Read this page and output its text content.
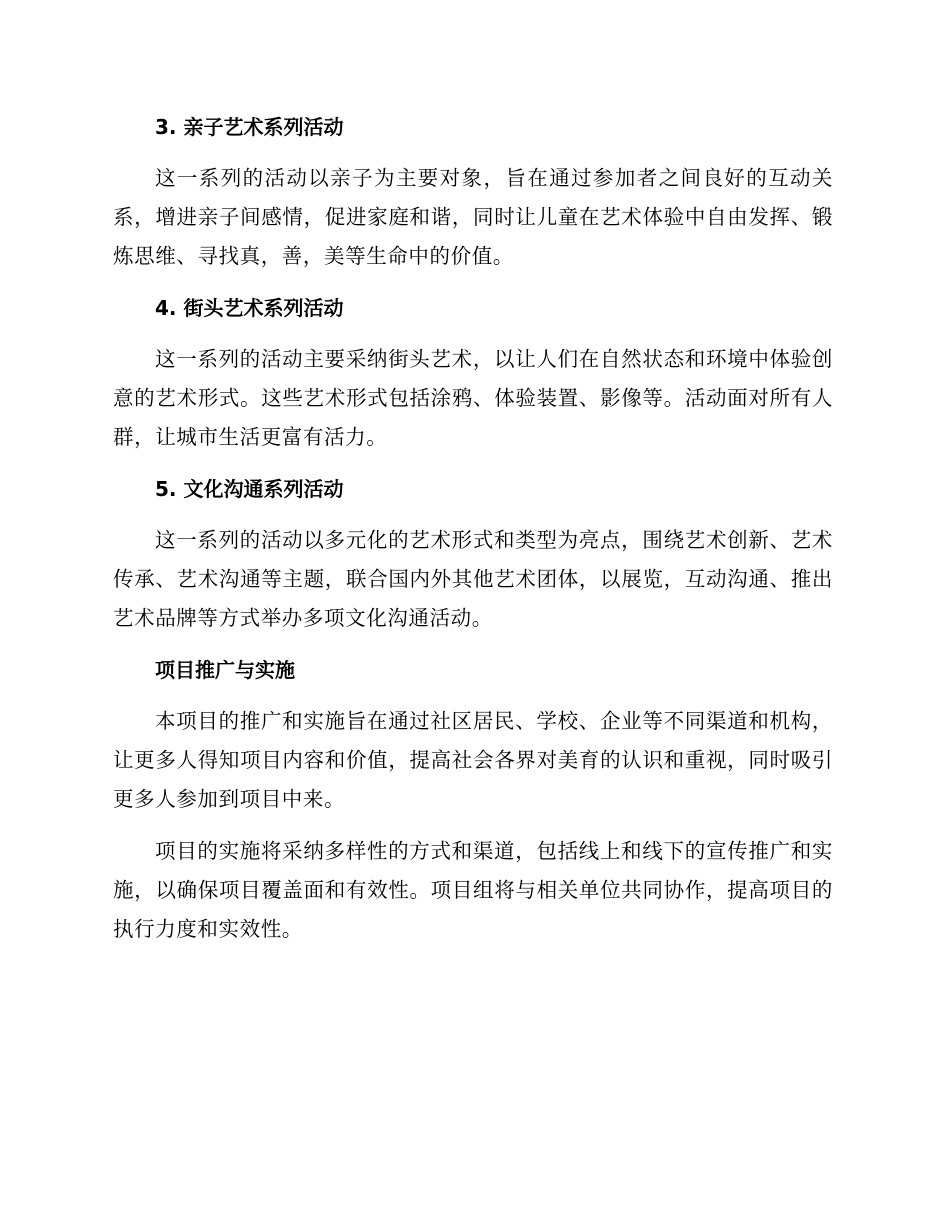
3. 亲子艺术系列活动

这一系列的活动以亲子为主要对象，旨在通过参加者之间良好的互动关系，增进亲子间感情，促进家庭和谐，同时让儿童在艺术体验中自由发挥、锻炼思维、寻找真，善，美等生命中的价值。

4. 街头艺术系列活动

这一系列的活动主要采纳街头艺术，以让人们在自然状态和环境中体验创意的艺术形式。这些艺术形式包括涂鸦、体验装置、影像等。活动面对所有人群，让城市生活更富有活力。

5. 文化沟通系列活动

这一系列的活动以多元化的艺术形式和类型为亮点，围绕艺术创新、艺术传承、艺术沟通等主题，联合国内外其他艺术团体，以展览，互动沟通、推出艺术品牌等方式举办多项文化沟通活动。

项目推广与实施

本项目的推广和实施旨在通过社区居民、学校、企业等不同渠道和机构，让更多人得知项目内容和价值，提高社会各界对美育的认识和重视，同时吸引更多人参加到项目中来。

项目的实施将采纳多样性的方式和渠道，包括线上和线下的宣传推广和实施，以确保项目覆盖面和有效性。项目组将与相关单位共同协作，提高项目的执行力度和实效性。
